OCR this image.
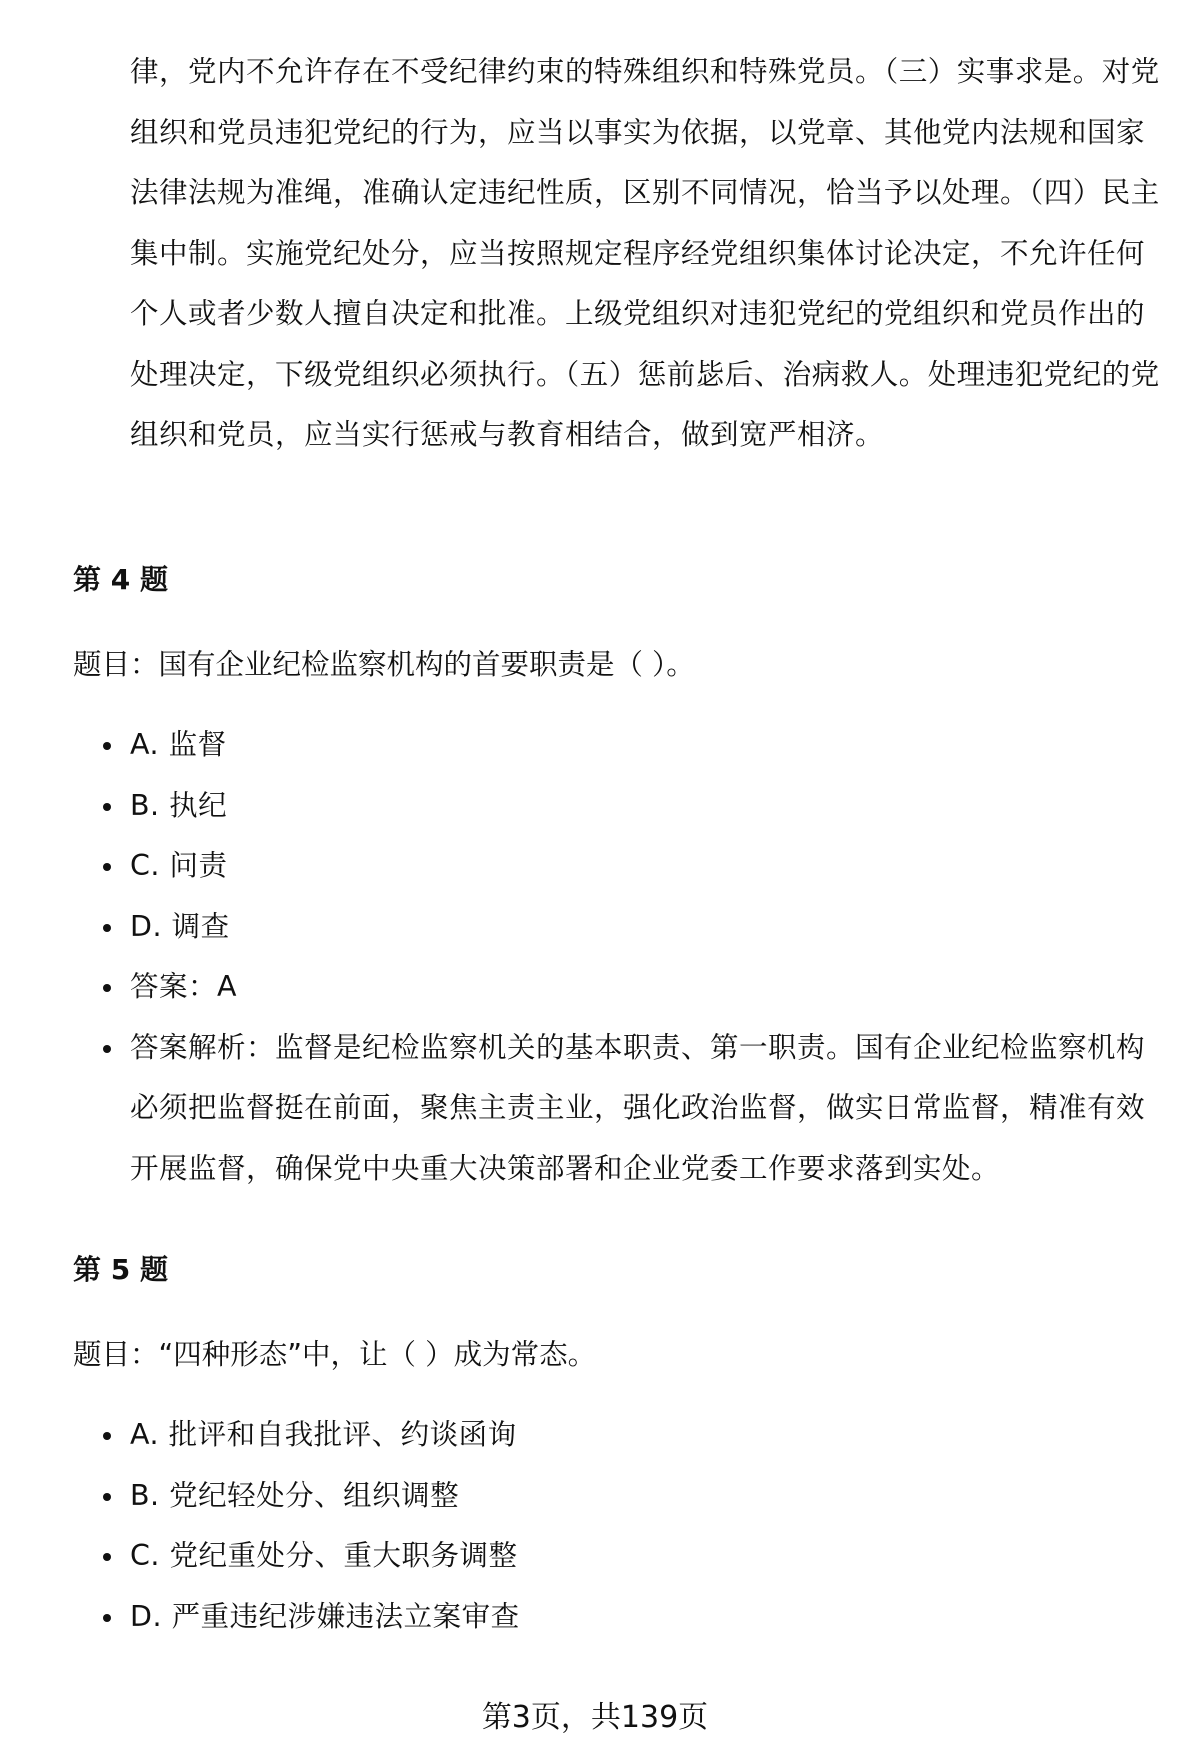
律，党内不允许存在不受纪律约束的特殊组织和特殊党员。（三）实事求是。对党组织和党员违犯党纪的行为，应当以事实为依据，以党章、其他党内法规和国家法律法规为准绳，准确认定违纪性质，区别不同情况，恰当予以处理。（四）民主集中制。实施党纪处分，应当按照规定程序经党组织集体讨论决定，不允许任何个人或者少数人擅自决定和批准。上级党组织对违犯党纪的党组织和党员作出的处理决定，下级党组织必须执行。（五）惩前毖后、治病救人。处理违犯党纪的党组织和党员，应当实行惩戒与教育相结合，做到宽严相济。

第 4 题

题目：国有企业纪检监察机构的首要职责是（ ）。

A. 监督
B. 执纪
C. 问责
D. 调查
答案：A
答案解析：监督是纪检监察机关的基本职责、第一职责。国有企业纪检监察机构必须把监督挺在前面，聚焦主责主业，强化政治监督，做实日常监督，精准有效开展监督，确保党中央重大决策部署和企业党委工作要求落到实处。
第 5 题

题目：“四种形态”中，让（ ）成为常态。

A. 批评和自我批评、约谈函询
B. 党纪轻处分、组织调整
C. 党纪重处分、重大职务调整
D. 严重违纪涉嫌违法立案审查

第3页，共139页
